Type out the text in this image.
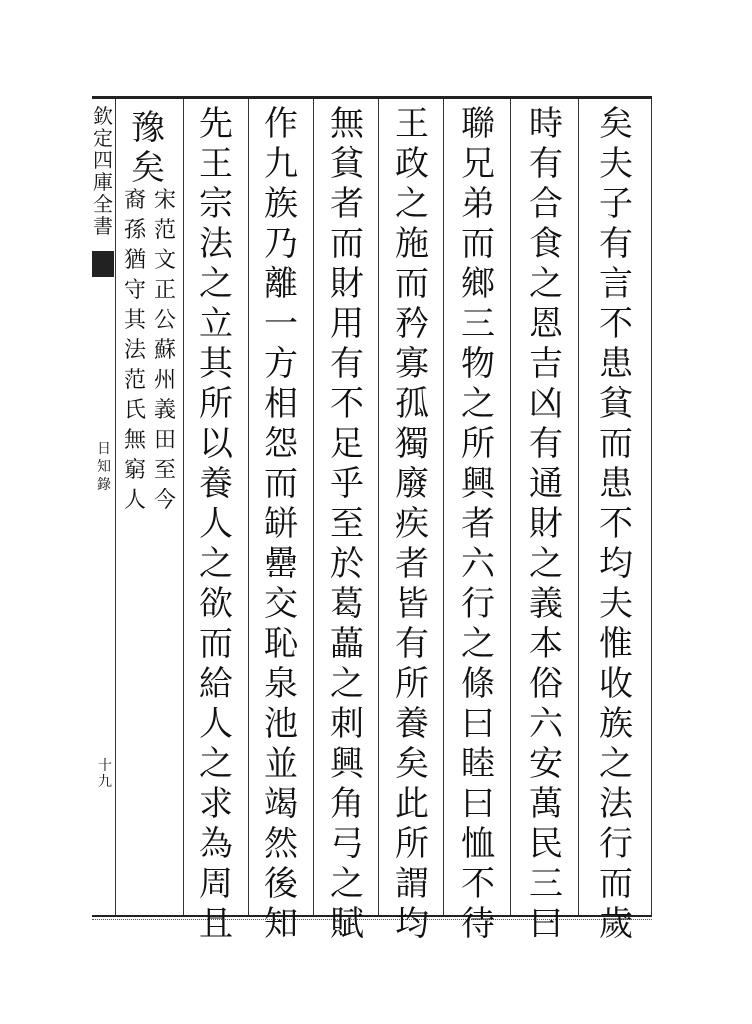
欽
定
四
庫
全
書
日
知
錄
十
九
矣
夫
子
有
言
不
患
貧
而
患
不
均
夫
惟
收
族
之
法
行
而
歲
時
有
合
食
之
恩
吉
凶
有
通
財
之
義
本
俗
六
安
萬
民
三
曰
聯
兄
弟
而
鄉
三
物
之
所
興
者
六
行
之
條
曰
睦
曰
恤
不
待
王
政
之
施
而
矜
寡
孤
獨
廢
疾
者
皆
有
所
養
矣
此
所
謂
均
無
貧
者
而
財
用
有
不
足
乎
至
於
葛
藟
之
刺
興
角
弓
之
賦
作
九
族
乃
離
一
方
相
怨
而
缾
罍
交
恥
泉
池
並
竭
然
後
知
先
王
宗
法
之
立
其
所
以
養
人
之
欲
而
給
人
之
求
為
周
且
豫
矣
宋
范
文
正
公
蘇
州
義
田
至
今
裔
孫
猶
守
其
法
范
氏
無
窮
人
